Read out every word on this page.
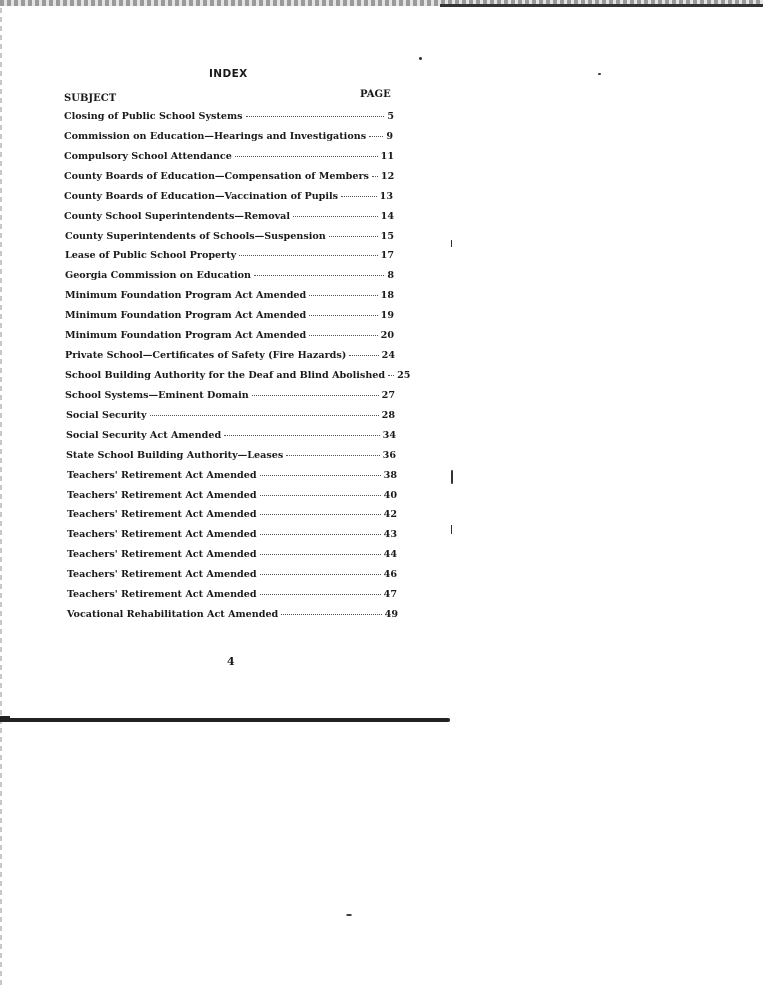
INDEX
SUBJECT	PAGE
Closing of Public School Systems	5
Commission on Education—Hearings and Investigations 9
Compulsory School Attendance	11
County Boards of Education—Compensation of Members 12
County Boards of Education—Vaccination of Pupils	13
County School Superintendents—Removal	14
County Superintendents of Schools—Suspension	15
Lease of Public School Property	17
Georgia Commission on Education	8
Minimum Foundation Program Act Amended	18
Minimum Foundation Program Act Amended	19
Minimum Foundation Program Act Amended	20
Private School—Certificates of Safety (Fire Hazards)	24
School Building Authority for the Deaf and Blind Abolished 25
School Systems—Eminent Domain	27
Social Security	28
Social Security Act Amended	34
State School Building Authority—Leases	36
Teachers' Retirement Act Amended	38
Teachers' Retirement Act Amended	40
Teachers' Retirement Act Amended	42
Teachers' Retirement Act Amended	43
Teachers' Retirement Act Amended	44
Teachers' Retirement Act Amended	46
Teachers' Retirement Act Amended	47
Vocational Rehabilitation Act Amended	49
4
